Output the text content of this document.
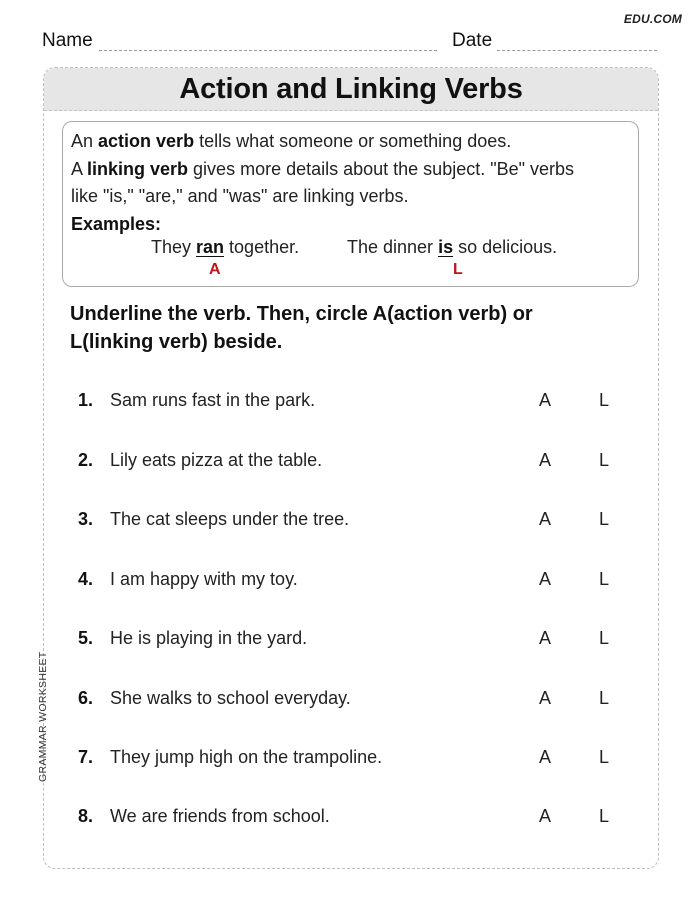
EDU.COM
Name	Date
Action and Linking Verbs

An action verb tells what someone or something does.

A linking verb gives more details about the subject. "Be" verbs

like "is," "are," and "was" are linking verbs.

Examples:

They ran together.
A
The dinner is so delicious.
L
Underline the verb. Then, circle A(action verb) or L(linking verb) beside.
1. Sam runs fast in the park.	A	L
2. Lily eats pizza at the table.	A	L
3. The cat sleeps under the tree.	A	L
4. I am happy with my toy.	A	L
5. He is playing in the yard.	A	L
6. She walks to school everyday.	A	L
7. They jump high on the trampoline.	A	L
8. We are friends from school.	A	L
GRAMMAR WORKSHEET
